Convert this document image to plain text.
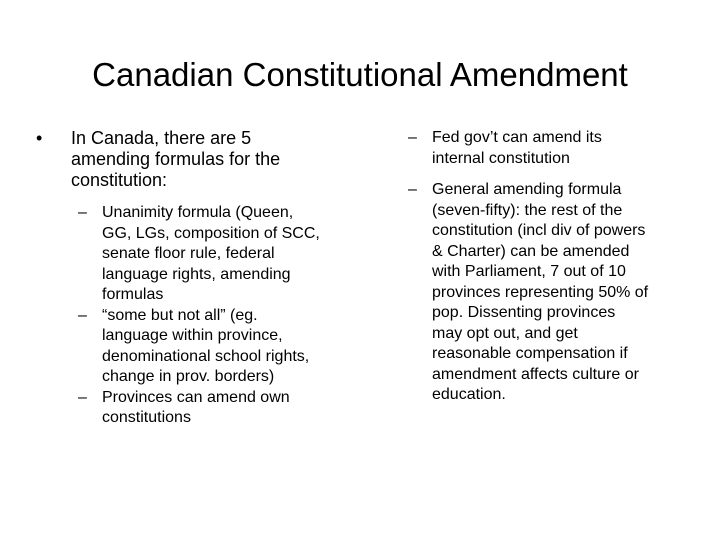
Canadian Constitutional Amendment
•	In Canada, there are 5
amending formulas for the
constitution:
– Unanimity formula (Queen,
GG, LGs, composition of SCC,
senate floor rule, federal
language rights, amending
formulas
– “some but not all” (eg.
language within province,
denominational school rights,
change in prov. borders)
– Provinces can amend own
constitutions
– Fed gov’t can amend its
internal constitution
– General amending formula
(seven-fifty): the rest of the
constitution (incl div of powers
& Charter) can be amended
with Parliament, 7 out of 10
provinces representing 50% of
pop. Dissenting provinces
may opt out, and get
reasonable compensation if
amendment affects culture or
education.
